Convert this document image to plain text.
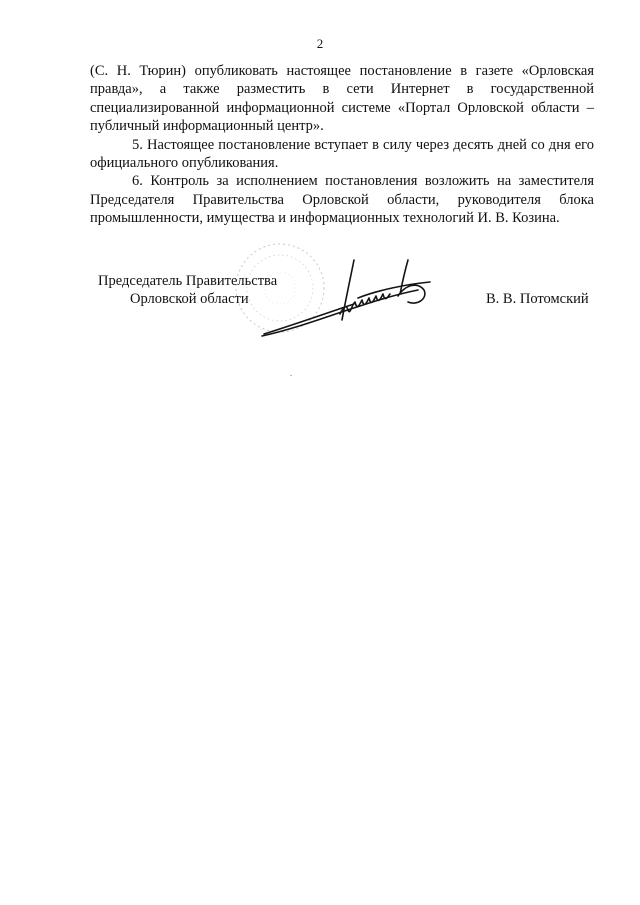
2

(С. Н. Тюрин) опубликовать настоящее постановление в газете «Орловская правда», а также разместить в сети Интернет в государственной специализированной информационной системе «Портал Орловской области – публичный информационный центр».

5. Настоящее постановление вступает в силу через десять дней со дня его официального опубликования.

6. Контроль за исполнением постановления возложить на заместителя Председателя Правительства Орловской области, руководителя блока промышленности, имущества и информационных технологий И. В. Козина.

Председатель Правительства
Орловской области	В. В. Потомский
